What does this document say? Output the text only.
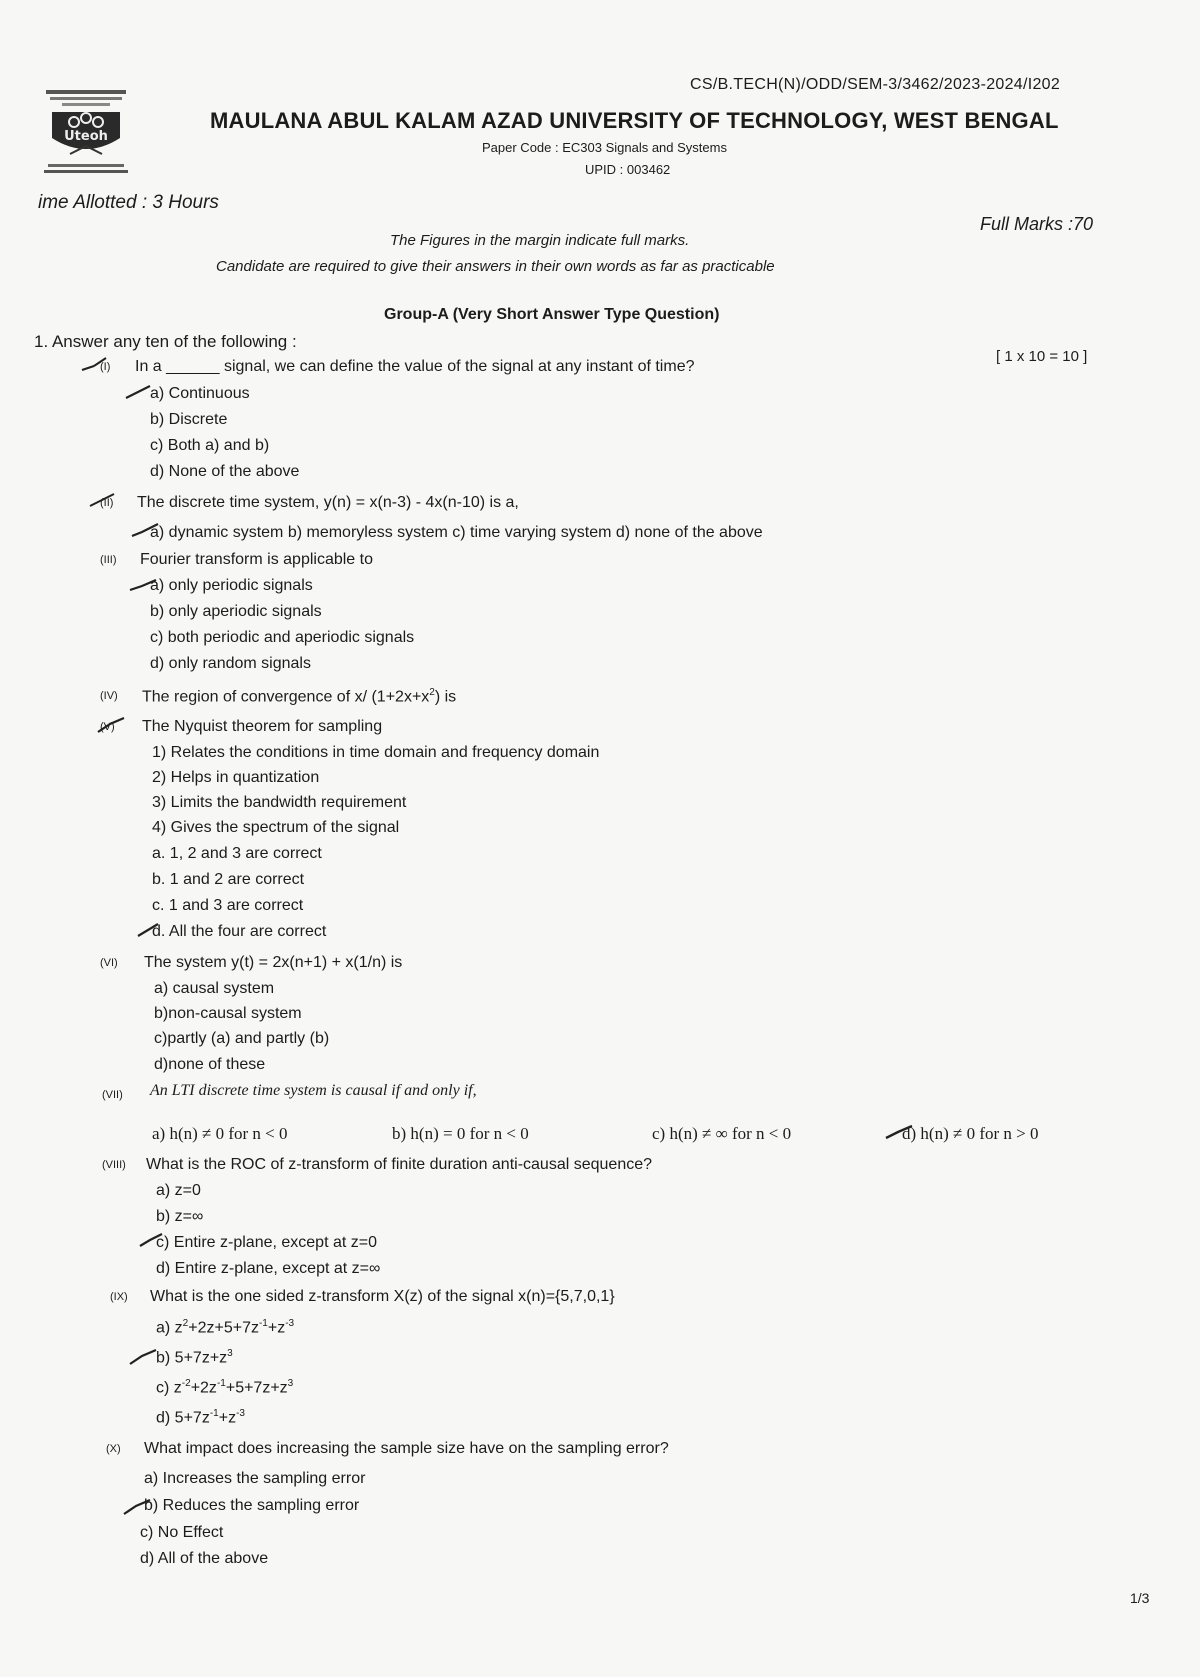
Uteoh
CS/B.TECH(N)/ODD/SEM-3/3462/2023-2024/I202
MAULANA ABUL KALAM AZAD UNIVERSITY OF TECHNOLOGY, WEST BENGAL
Paper Code : EC303 Signals and Systems
UPID : 003462
ime Allotted : 3 Hours
Full Marks :70
The Figures in the margin indicate full marks.
Candidate are required to give their answers in their own words as far as practicable
Group-A (Very Short Answer Type Question)
1. Answer any ten of the following :
[ 1 x 10 = 10 ]
(I) In a ______ signal, we can define the value of the signal at any instant of time?
a) Continuous
b) Discrete
c) Both a) and b)
d) None of the above
(II) The discrete time system, y(n) = x(n-3) - 4x(n-10) is a,
a) dynamic system b) memoryless system c) time varying system d) none of the above
(III) Fourier transform is applicable to
a) only periodic signals
b) only aperiodic signals
c) both periodic and aperiodic signals
d) only random signals
(IV) The region of convergence of x/ $(1+2x+x^2)$ is
(V) The Nyquist theorem for sampling
1) Relates the conditions in time domain and frequency domain
2) Helps in quantization
3) Limits the bandwidth requirement
4) Gives the spectrum of the signal
a. 1, 2 and 3 are correct
b. 1 and 2 are correct
c. 1 and 3 are correct
d. All the four are correct
(VI) The system y(t) = 2x(n+1) + x(1/n) is
a) causal system
b)non-causal system
c)partly (a) and partly (b)
d)none of these
(VII) An LTI discrete time system is causal if and only if,
a) h(n) ≠ 0 for n < 0	b) h(n) = 0 for n < 0	c) h(n) ≠ ∞ for n < 0	d) h(n) ≠ 0 for n > 0
(VIII) What is the ROC of z-transform of finite duration anti-causal sequence?
a) z=0
b) z=∞
c) Entire z-plane, except at z=0
d) Entire z-plane, except at z=∞
(IX) What is the one sided z-transform X(z) of the signal x(n)={5,7,0,1}
a) $z^2+2z+5+7z^{-1}+z^{-3}$
b) $5+7z+z^3$
c) $z^{-2}+2z^{-1}+5+7z+z^3$
d) $5+7z^{-1}+z^{-3}$
(X) What impact does increasing the sample size have on the sampling error?
a) Increases the sampling error
b) Reduces the sampling error
c) No Effect
d) All of the above
1/3
